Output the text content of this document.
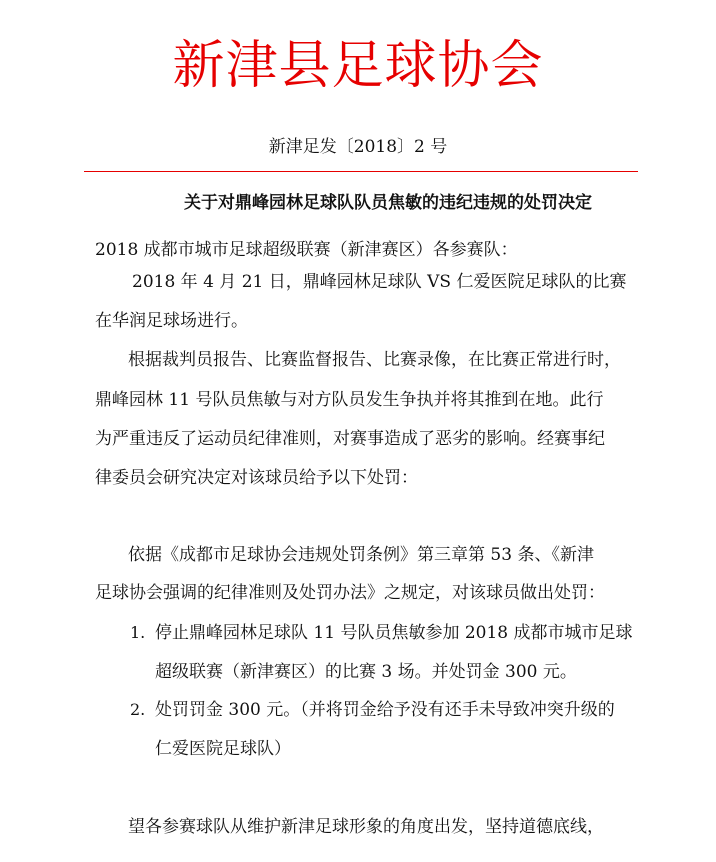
新津县足球协会
新津足发〔2018〕2 号
关于对鼎峰园林足球队队员焦敏的违纪违规的处罚决定
2018 成都市城市足球超级联赛（新津赛区）各参赛队：
2018 年 4 月 21 日，鼎峰园林足球队 VS 仁爱医院足球队的比赛
在华润足球场进行。
根据裁判员报告、比赛监督报告、比赛录像，在比赛正常进行时，
鼎峰园林 11 号队员焦敏与对方队员发生争执并将其推到在地。此行
为严重违反了运动员纪律准则，对赛事造成了恶劣的影响。经赛事纪
律委员会研究决定对该球员给予以下处罚：
依据《成都市足球协会违规处罚条例》第三章第 53 条、《新津
足球协会强调的纪律准则及处罚办法》之规定，对该球员做出处罚：
1. 停止鼎峰园林足球队 11 号队员焦敏参加 2018 成都市城市足球
超级联赛（新津赛区）的比赛 3 场。并处罚金 300 元。
2. 处罚罚金 300 元。（并将罚金给予没有还手未导致冲突升级的
仁爱医院足球队）
望各参赛球队从维护新津足球形象的角度出发，坚持道德底线，
